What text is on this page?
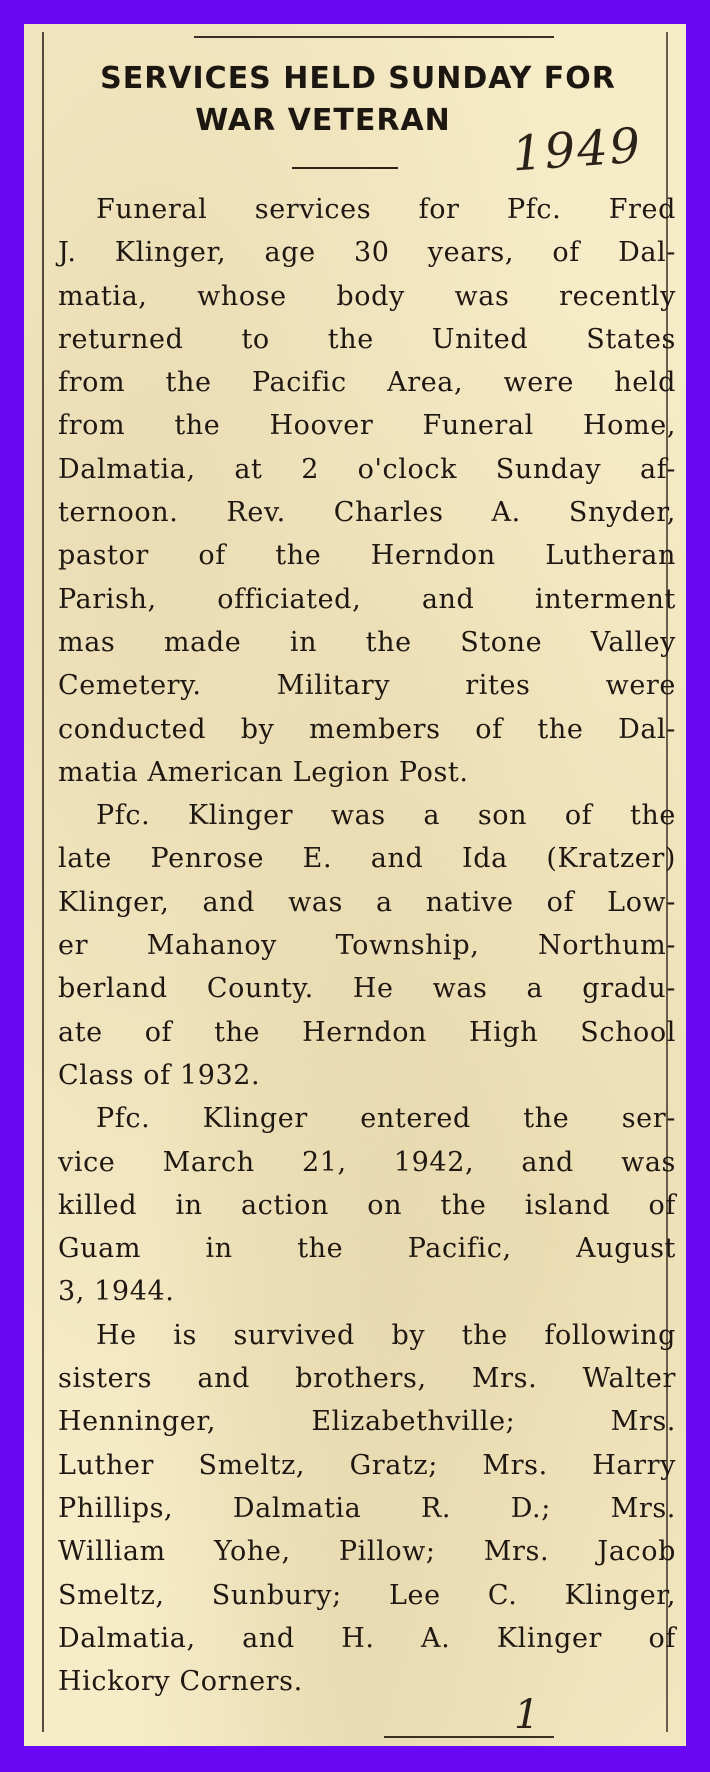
SERVICES HELD SUNDAY FOR
WAR VETERAN	1949

Funeral services for Pfc. Fred
J. Klinger, age 30 years, of Dal-
matia, whose body was recently
returned to the United States
from the Pacific Area, were held
from the Hoover Funeral Home,
Dalmatia, at 2 o'clock Sunday af-
ternoon. Rev. Charles A. Snyder,
pastor of the Herndon Lutheran
Parish, officiated, and interment
mas made in the Stone Valley
Cemetery. Military rites were
conducted by members of the Dal-
matia American Legion Post.

Pfc. Klinger was a son of the
late Penrose E. and Ida (Kratzer)
Klinger, and was a native of Low-
er Mahanoy Township, Northum-
berland County. He was a gradu-
ate of the Herndon High School
Class of 1932.

Pfc. Klinger entered the ser-
vice March 21, 1942, and was
killed in action on the island of
Guam in the Pacific, August
3, 1944.

He is survived by the following
sisters and brothers, Mrs. Walter
Henninger, Elizabethville; Mrs.
Luther Smeltz, Gratz; Mrs. Harry
Phillips, Dalmatia R. D.; Mrs.
William Yohe, Pillow; Mrs. Jacob
Smeltz, Sunbury; Lee C. Klinger,
Dalmatia, and H. A. Klinger of
Hickory Corners.

1
